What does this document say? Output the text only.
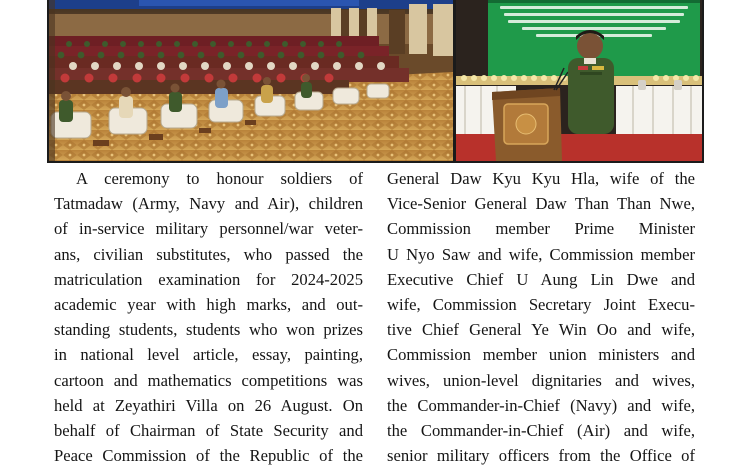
A ceremony to honour soldiers of
Tatmadaw (Army, Navy and Air), children
of in-service military personnel/war veter-
ans, civilian substitutes, who passed the
matriculation examination for 2024-2025
academic year with high marks, and out-
standing students, students who won prizes
in national level article, essay, painting,
cartoon and mathematics competitions was
held at Zeyathiri Villa on 26 August. On
behalf of Chairman of State Security and
Peace Commission of the Republic of the
General Daw Kyu Kyu Hla, wife of the
Vice-Senior General Daw Than Than Nwe,
Commission member Prime Minister
U Nyo Saw and wife, Commission member
Executive Chief U Aung Lin Dwe and
wife, Commission Secretary Joint Execu-
tive Chief General Ye Win Oo and wife,
Commission member union ministers and
wives, union-level dignitaries and wives,
the Commander-in-Chief (Navy) and wife,
the Commander-in-Chief (Air) and wife,
senior military officers from the Office of
